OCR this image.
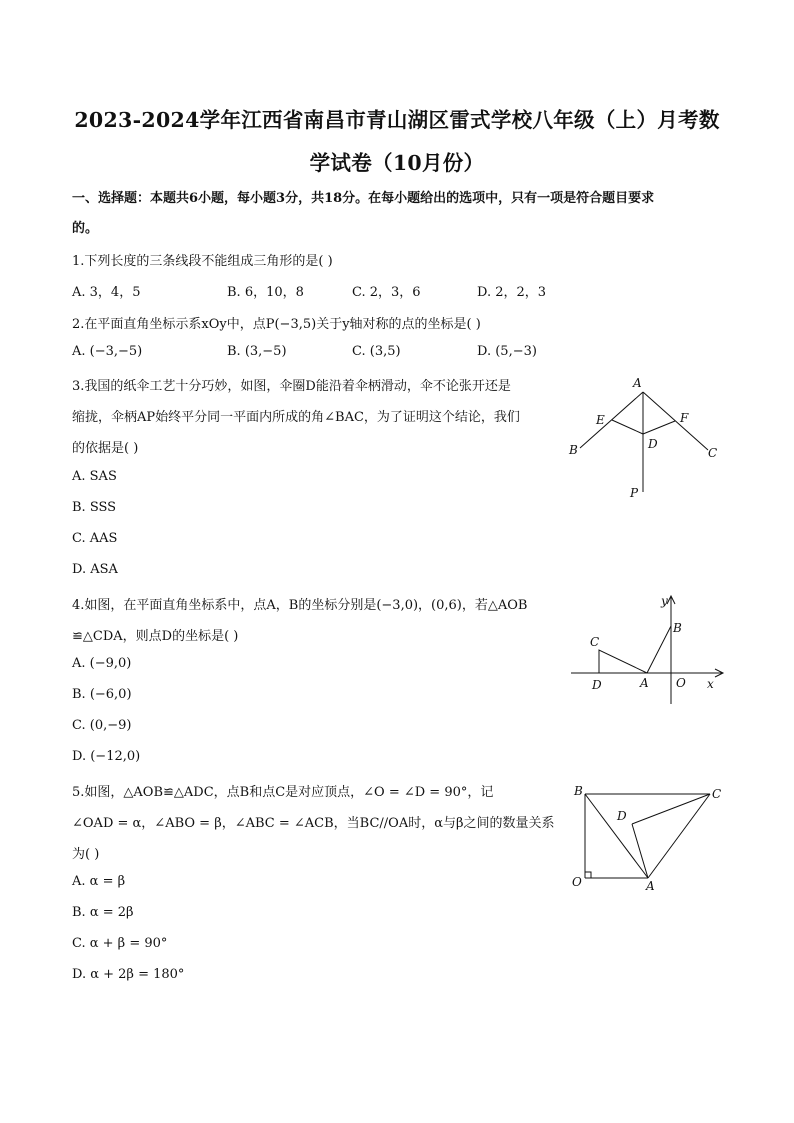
2023-2024学年江西省南昌市青山湖区雷式学校八年级（上）月考数
学试卷（10月份）
一、选择题：本题共6小题，每小题3分，共18分。在每小题给出的选项中，只有一项是符合题目要求
的。
1.下列长度的三条线段不能组成三角形的是( )
A. 3，4，5	B. 6，10，8	C. 2，3，6	D. 2，2，3
2.在平面直角坐标示系xOy中，点P(−3,5)关于y轴对称的点的坐标是( )
A. (−3,−5)	B. (3,−5)	C. (3,5)	D. (5,−3)
3.我国的纸伞工艺十分巧妙，如图，伞圈D能沿着伞柄滑动，伞不论张开还是
缩拢，伞柄AP始终平分同一平面内所成的角∠BAC，为了证明这个结论，我们
的依据是( )
A. SAS
B. SSS
C. AAS
D. ASA
A
E	F
D
B	C
P
4.如图，在平面直角坐标系中，点A，B的坐标分别是(−3,0)，(0,6)，若△AOB
≌△CDA，则点D的坐标是( )
A. (−9,0)
B. (−6,0)
C. (0,−9)
D. (−12,0)
y
B
C
D	A O x
5.如图，△AOB≌△ADC，点B和点C是对应顶点，∠O = ∠D = 90°，记
∠OAD = α，∠ABO = β，∠ABC = ∠ACB，当BC//OA时，α与β之间的数量关系
为( )
A. α = β
B. α = 2β
C. α + β = 90°
D. α + 2β = 180°
B	C
D
O	A
